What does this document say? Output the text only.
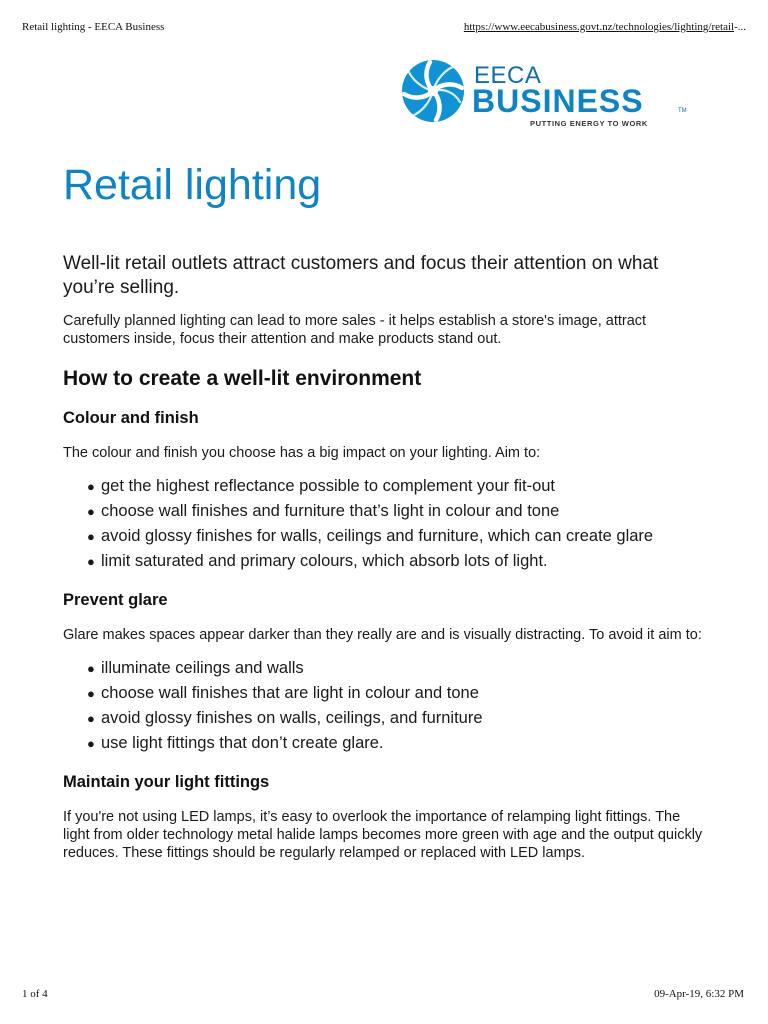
Retail lighting - EECA Business	https://www.eecabusiness.govt.nz/technologies/lighting/retail-...
EECA
BUSINESS	TM
PUTTING ENERGY TO WORK
Retail lighting

Well-lit retail outlets attract customers and focus their attention on what you’re selling.

Carefully planned lighting can lead to more sales - it helps establish a store's image, attract customers inside, focus their attention and make products stand out.

How to create a well-lit environment
Colour and finish

The colour and finish you choose has a big impact on your lighting. Aim to:

● get the highest reflectance possible to complement your fit-out
● choose wall finishes and furniture that’s light in colour and tone
● avoid glossy finishes for walls, ceilings and furniture, which can create glare
● limit saturated and primary colours, which absorb lots of light.
Prevent glare

Glare makes spaces appear darker than they really are and is visually distracting. To avoid it aim to:

● illuminate ceilings and walls
● choose wall finishes that are light in colour and tone
● avoid glossy finishes on walls, ceilings, and furniture
● use light fittings that don’t create glare.
Maintain your light fittings

If you're not using LED lamps, it’s easy to overlook the importance of relamping light fittings. The light from older technology metal halide lamps becomes more green with age and the output quickly reduces. These fittings should be regularly relamped or replaced with LED lamps.

1 of 4	09-Apr-19, 6:32 PM
